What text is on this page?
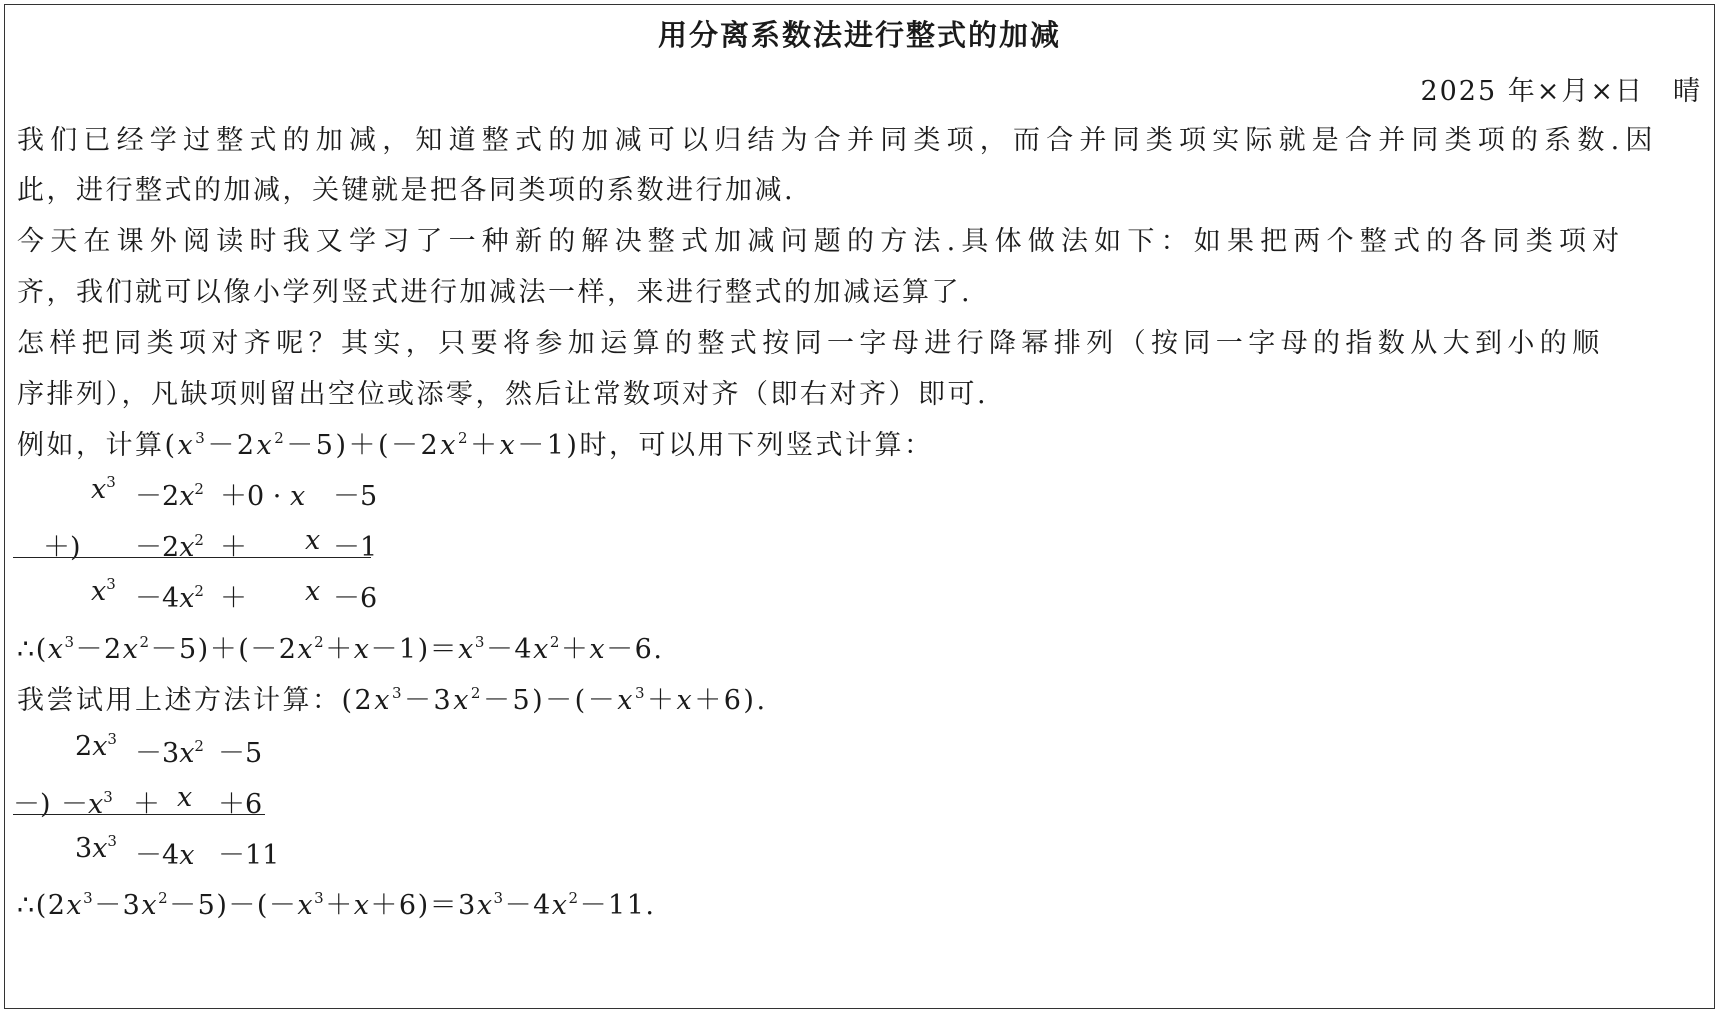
用分离系数法进行整式的加减
2025 年×月×日　晴
我们已经学过整式的加减，知道整式的加减可以归结为合并同类项，而合并同类项实际就是合并同类项的系数.因
此，进行整式的加减，关键就是把各同类项的系数进行加减.
今天在课外阅读时我又学习了一种新的解决整式加减问题的方法.具体做法如下：如果把两个整式的各同类项对
齐，我们就可以像小学列竖式进行加减法一样，来进行整式的加减运算了.
怎样把同类项对齐呢？其实，只要将参加运算的整式按同一字母进行降幂排列（按同一字母的指数从大到小的顺
序排列），凡缺项则留出空位或添零，然后让常数项对齐（即右对齐）即可.
例如，计算$(x^3-2x^2-5)+(-2x^2+x-1)$时，可以用下列竖式计算：
$x^3 -2x^2 +0 \cdot x -5$
＋) $-2x^2 + x -1$
$x^3 -4x^2 + x -6$
$\therefore(x^3-2x^2-5)+(-2x^2+x-1)=x^3-4x^2+x-6$.
我尝试用上述方法计算：$(2x^3-3x^2-5)-(-x^3+x+6)$.
$2x^3 -3x^2 -5$
－) $-x^3 + x +6$
$3x^3 -4x -11$
$\therefore(2x^3-3x^2-5)-(-x^3+x+6)=3x^3-4x^2-11$.
